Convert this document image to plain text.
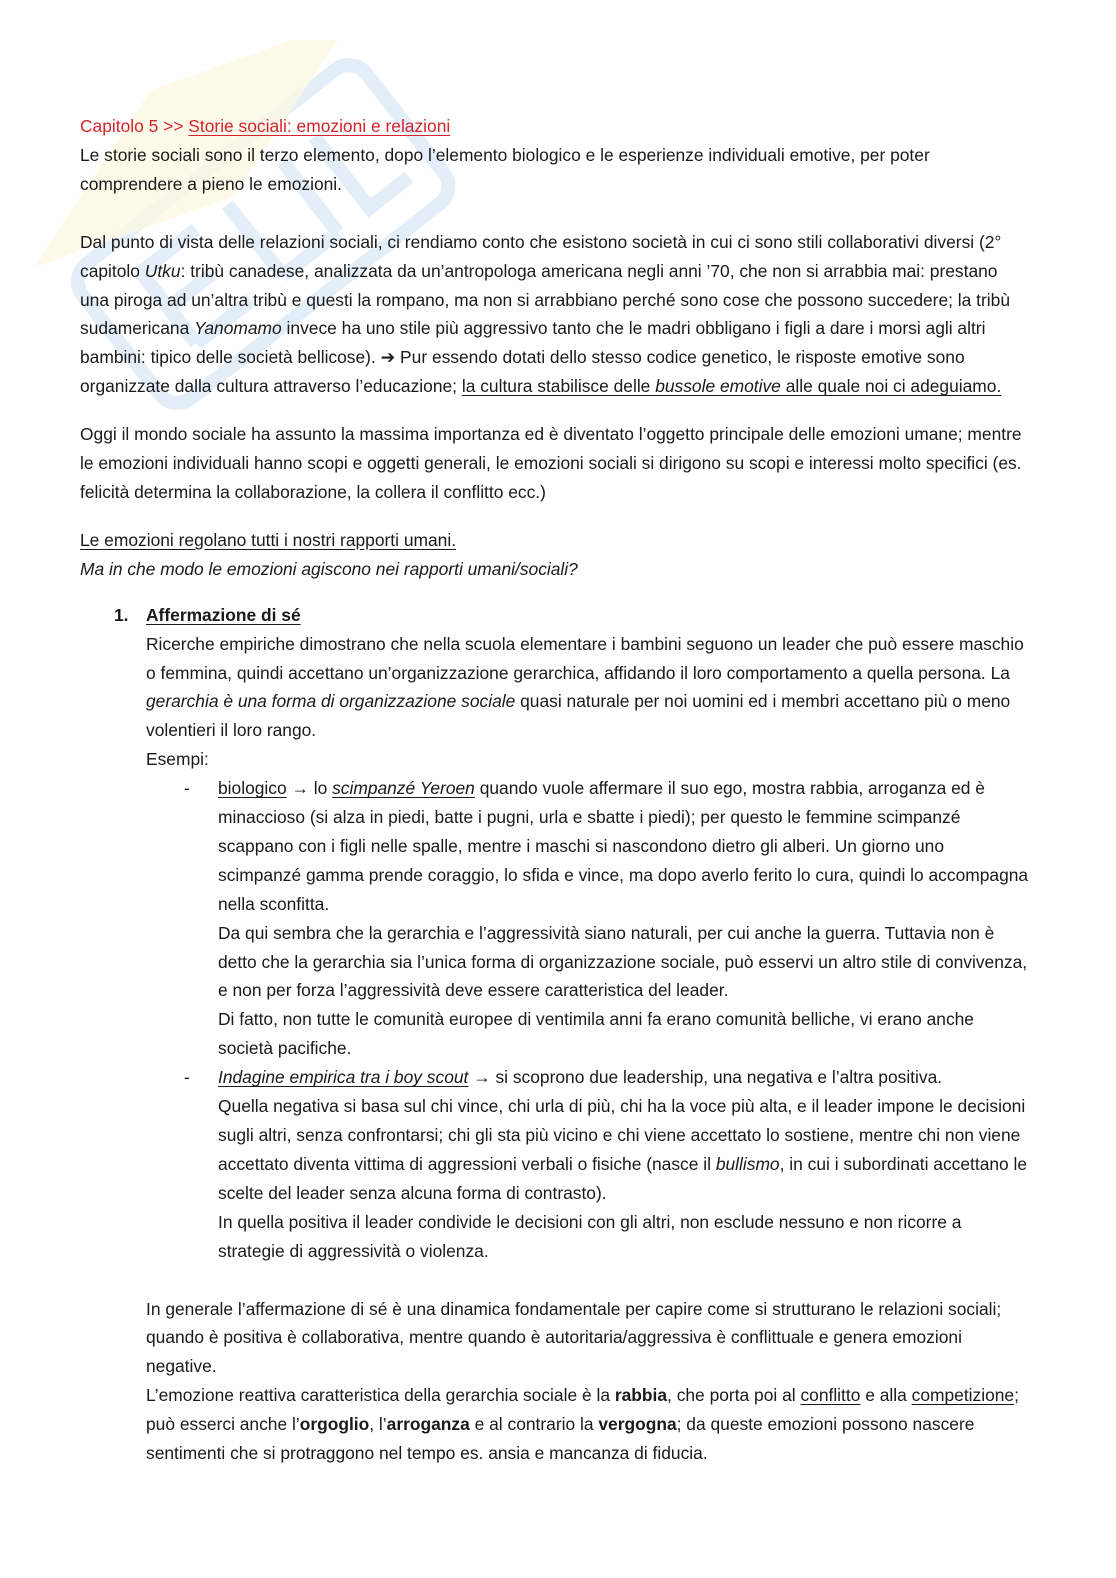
Capitolo 5 >> Storie sociali: emozioni e relazioni

Le storie sociali sono il terzo elemento, dopo l’elemento biologico e le esperienze individuali emotive, per poter comprendere a pieno le emozioni.

Dal punto di vista delle relazioni sociali, ci rendiamo conto che esistono società in cui ci sono stili collaborativi diversi (2° capitolo Utku: tribù canadese, analizzata da un’antropologa americana negli anni ’70, che non si arrabbia mai: prestano una piroga ad un’altra tribù e questi la rompano, ma non si arrabbiano perché sono cose che possono succedere; la tribù sudamericana Yanomamo invece ha uno stile più aggressivo tanto che le madri obbligano i figli a dare i morsi agli altri bambini: tipico delle società bellicose). ➔ Pur essendo dotati dello stesso codice genetico, le risposte emotive sono organizzate dalla cultura attraverso l’educazione; la cultura stabilisce delle bussole emotive alle quale noi ci adeguiamo.

Oggi il mondo sociale ha assunto la massima importanza ed è diventato l’oggetto principale delle emozioni umane; mentre le emozioni individuali hanno scopi e oggetti generali, le emozioni sociali si dirigono su scopi e interessi molto specifici (es. felicità determina la collaborazione, la collera il conflitto ecc.)

Le emozioni regolano tutti i nostri rapporti umani.

Ma in che modo le emozioni agiscono nei rapporti umani/sociali?

1. Affermazione di sé

Ricerche empiriche dimostrano che nella scuola elementare i bambini seguono un leader che può essere maschio o femmina, quindi accettano un’organizzazione gerarchica, affidando il loro comportamento a quella persona. La gerarchia è una forma di organizzazione sociale quasi naturale per noi uomini ed i membri accettano più o meno volentieri il loro rango.

Esempi:

- biologico → lo scimpanzé Yeroen quando vuole affermare il suo ego, mostra rabbia, arroganza ed è minaccioso (si alza in piedi, batte i pugni, urla e sbatte i piedi); per questo le femmine scimpanzé scappano con i figli nelle spalle, mentre i maschi si nascondono dietro gli alberi. Un giorno uno scimpanzé gamma prende coraggio, lo sfida e vince, ma dopo averlo ferito lo cura, quindi lo accompagna nella sconfitta.

Da qui sembra che la gerarchia e l’aggressività siano naturali, per cui anche la guerra. Tuttavia non è detto che la gerarchia sia l’unica forma di organizzazione sociale, può esservi un altro stile di convivenza, e non per forza l’aggressività deve essere caratteristica del leader.

Di fatto, non tutte le comunità europee di ventimila anni fa erano comunità belliche, vi erano anche società pacifiche.

- Indagine empirica tra i boy scout → si scoprono due leadership, una negativa e l’altra positiva.

Quella negativa si basa sul chi vince, chi urla di più, chi ha la voce più alta, e il leader impone le decisioni sugli altri, senza confrontarsi; chi gli sta più vicino e chi viene accettato lo sostiene, mentre chi non viene accettato diventa vittima di aggressioni verbali o fisiche (nasce il bullismo, in cui i subordinati accettano le scelte del leader senza alcuna forma di contrasto).

In quella positiva il leader condivide le decisioni con gli altri, non esclude nessuno e non ricorre a strategie di aggressività o violenza.

In generale l’affermazione di sé è una dinamica fondamentale per capire come si strutturano le relazioni sociali; quando è positiva è collaborativa, mentre quando è autoritaria/aggressiva è conflittuale e genera emozioni negative.

L’emozione reattiva caratteristica della gerarchia sociale è la rabbia, che porta poi al conflitto e alla competizione; può esserci anche l’orgoglio, l’arroganza e al contrario la vergogna; da queste emozioni possono nascere sentimenti che si protraggono nel tempo es. ansia e mancanza di fiducia.
